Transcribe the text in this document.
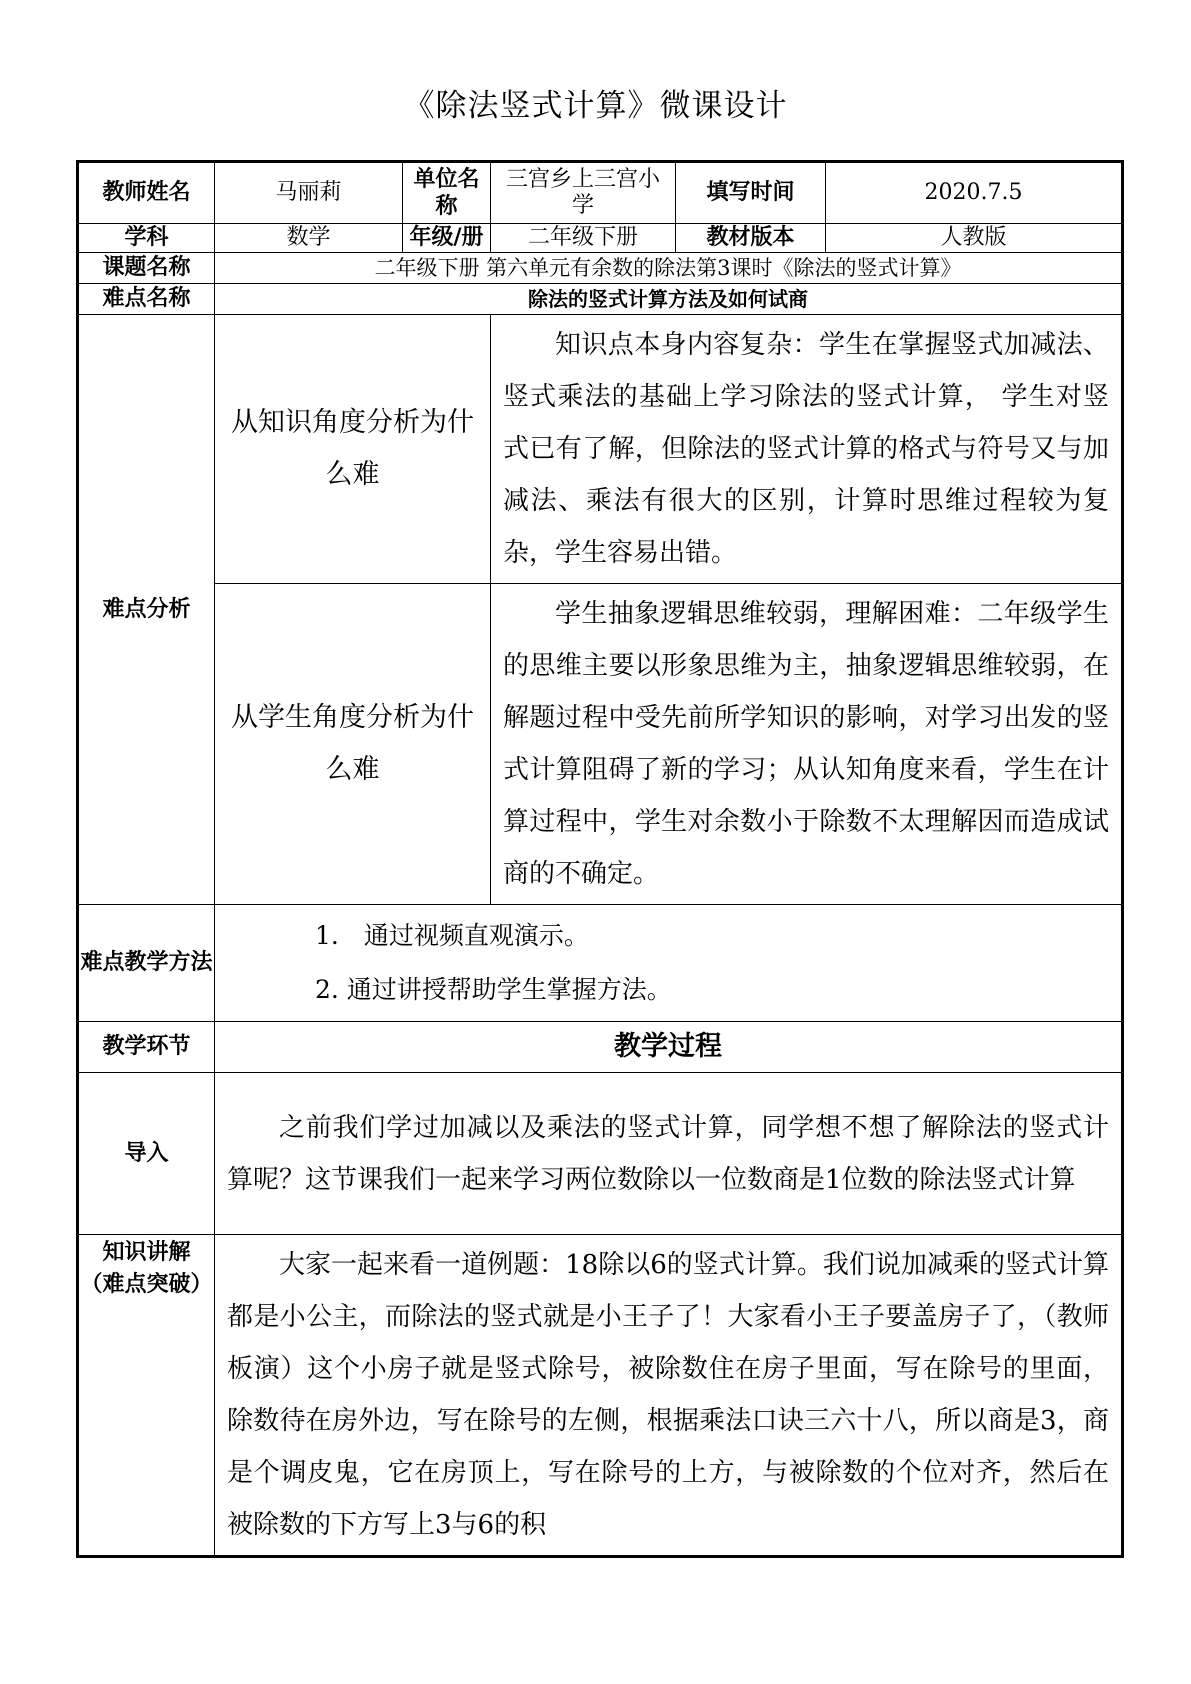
《除法竖式计算》微课设计
教师姓名	马丽莉	单位名称	三宫乡上三宫小学	填写时间	2020.7.5
学科	数学	年级/册	二年级下册	教材版本	人教版
课题名称	二年级下册 第六单元有余数的除法第3课时《除法的竖式计算》				
难点名称	除法的竖式计算方法及如何试商				
难点分析	从知识角度分析为什么难		知识点本身内容复杂：学生在掌握竖式加减法、竖式乘法的基础上学习除法的竖式计算， 学生对竖式已有了解，但除法的竖式计算的格式与符号又与加减法、乘法有很大的区别，计算时思维过程较为复杂，学生容易出错。		
	从学生角度分析为什么难		学生抽象逻辑思维较弱，理解困难：二年级学生的思维主要以形象思维为主，抽象逻辑思维较弱，在解题过程中受先前所学知识的影响，对学习出发的竖式计算阻碍了新的学习；从认知角度来看，学生在计算过程中，学生对余数小于除数不太理解因而造成试商的不确定。		
难点教学方法	1.　通过视频直观演示。
2. 通过讲授帮助学生掌握方法。				

教学环节	教学过程				
导入	之前我们学过加减以及乘法的竖式计算，同学想不想了解除法的竖式计算呢？这节课我们一起来学习两位数除以一位数商是1位数的除法竖式计算				

知识讲解
（难点突破）	大家一起来看一道例题：18除以6的竖式计算。我们说加减乘的竖式计算都是小公主，而除法的竖式就是小王子了！大家看小王子要盖房子了，（教师板演）这个小房子就是竖式除号，被除数住在房子里面，写在除号的里面，除数待在房外边，写在除号的左侧，根据乘法口诀三六十八，所以商是3，商是个调皮鬼，它在房顶上，写在除号的上方，与被除数的个位对齐，然后在被除数的下方写上3与6的积				
